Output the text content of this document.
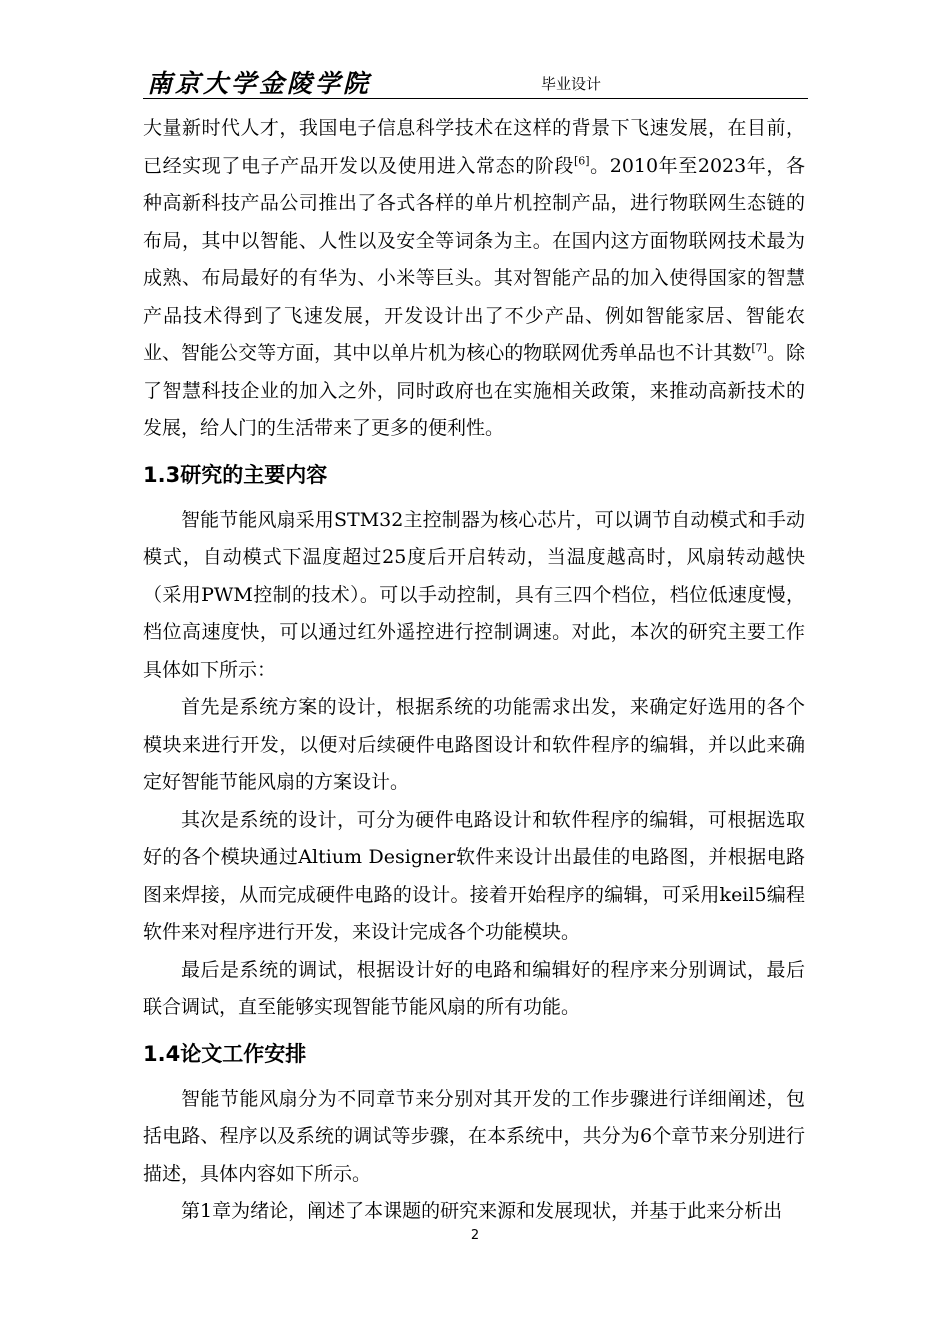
南京大学金陵学院	毕业设计

大量新时代人才，我国电子信息科学技术在这样的背景下飞速发展，在目前，已经实现了电子产品开发以及使用进入常态的阶段[6]。2010年至2023年，各种高新科技产品公司推出了各式各样的单片机控制产品，进行物联网生态链的布局，其中以智能、人性以及安全等词条为主。在国内这方面物联网技术最为成熟、布局最好的有华为、小米等巨头。其对智能产品的加入使得国家的智慧产品技术得到了飞速发展，开发设计出了不少产品、例如智能家居、智能农业、智能公交等方面，其中以单片机为核心的物联网优秀单品也不计其数[7]。除了智慧科技企业的加入之外，同时政府也在实施相关政策，来推动高新技术的发展，给人门的生活带来了更多的便利性。

1.3研究的主要内容

智能节能风扇采用STM32主控制器为核心芯片，可以调节自动模式和手动模式，自动模式下温度超过25度后开启转动，当温度越高时，风扇转动越快（采用PWM控制的技术）。可以手动控制，具有三四个档位，档位低速度慢，档位高速度快，可以通过红外遥控进行控制调速。对此，本次的研究主要工作具体如下所示：

首先是系统方案的设计，根据系统的功能需求出发，来确定好选用的各个模块来进行开发，以便对后续硬件电路图设计和软件程序的编辑，并以此来确定好智能节能风扇的方案设计。

其次是系统的设计，可分为硬件电路设计和软件程序的编辑，可根据选取好的各个模块通过Altium Designer软件来设计出最佳的电路图，并根据电路图来焊接，从而完成硬件电路的设计。接着开始程序的编辑，可采用keil5编程软件来对程序进行开发，来设计完成各个功能模块。

最后是系统的调试，根据设计好的电路和编辑好的程序来分别调试，最后联合调试，直至能够实现智能节能风扇的所有功能。

1.4论文工作安排

智能节能风扇分为不同章节来分别对其开发的工作步骤进行详细阐述，包括电路、程序以及系统的调试等步骤，在本系统中，共分为6个章节来分别进行描述，具体内容如下所示。

第1章为绪论，阐述了本课题的研究来源和发展现状，并基于此来分析出

2
